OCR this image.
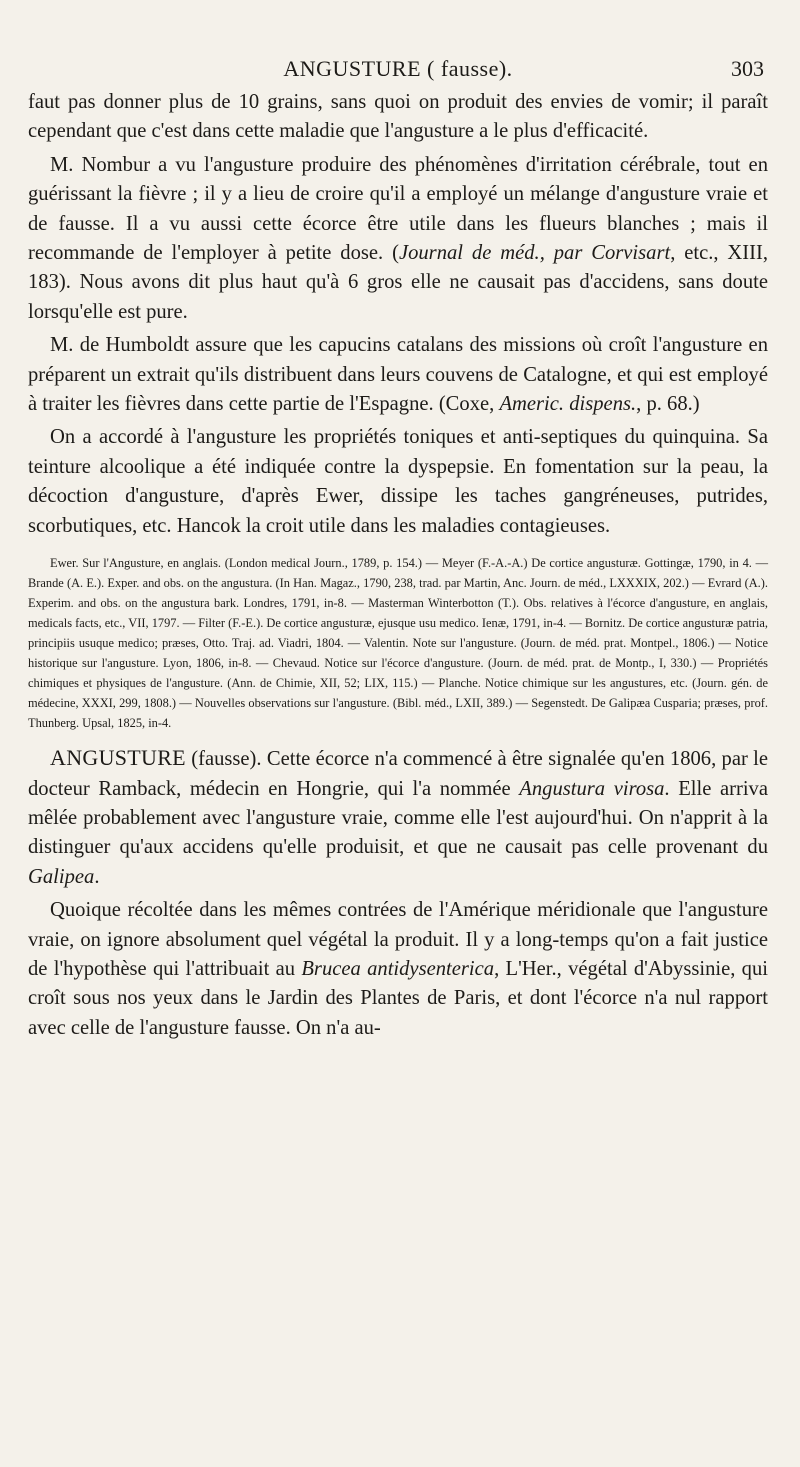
ANGUSTURE ( fausse).	303

faut pas donner plus de 10 grains, sans quoi on produit des envies de vomir; il paraît cependant que c'est dans cette maladie que l'angusture a le plus d'efficacité.

M. Nombur a vu l'angusture produire des phénomènes d'irritation cérébrale, tout en guérissant la fièvre ; il y a lieu de croire qu'il a employé un mélange d'angusture vraie et de fausse. Il a vu aussi cette écorce être utile dans les flueurs blanches ; mais il recommande de l'employer à petite dose. (Journal de méd., par Corvisart, etc., XIII, 183). Nous avons dit plus haut qu'à 6 gros elle ne causait pas d'accidens, sans doute lorsqu'elle est pure.

M. de Humboldt assure que les capucins catalans des missions où croît l'angusture en préparent un extrait qu'ils distribuent dans leurs couvens de Catalogne, et qui est employé à traiter les fièvres dans cette partie de l'Espagne. (Coxe, Americ. dispens., p. 68.)

On a accordé à l'angusture les propriétés toniques et anti-septiques du quinquina. Sa teinture alcoolique a été indiquée contre la dyspepsie. En fomentation sur la peau, la décoction d'angusture, d'après Ewer, dissipe les taches gangréneuses, putrides, scorbutiques, etc. Hancok la croit utile dans les maladies contagieuses.

Ewer. Sur l'Angusture, en anglais. (London medical Journ., 1789, p. 154.) — Meyer (F.-A.-A.) De cortice angusturæ. Gottingæ, 1790, in 4. — Brande (A. E.). Exper. and obs. on the angustura. (In Han. Magaz., 1790, 238, trad. par Martin, Anc. Journ. de méd., LXXXIX, 202.) — Evrard (A.). Experim. and obs. on the angustura bark. Londres, 1791, in-8. — Masterman Winterbotton (T.). Obs. relatives à l'écorce d'angusture, en anglais, medicals facts, etc., VII, 1797. — Filter (F.-E.). De cortice angusturæ, ejusque usu medico. Ienæ, 1791, in-4. — Bornitz. De cortice angusturæ patria, principiis usuque medico; præses, Otto. Traj. ad. Viadri, 1804. — Valentin. Note sur l'angusture. (Journ. de méd. prat. Montpel., 1806.) — Notice historique sur l'angusture. Lyon, 1806, in-8. — Chevaud. Notice sur l'écorce d'angusture. (Journ. de méd. prat. de Montp., I, 330.) — Propriétés chimiques et physiques de l'angusture. (Ann. de Chimie, XII, 52; LIX, 115.) — Planche. Notice chimique sur les angustures, etc. (Journ. gén. de médecine, XXXI, 299, 1808.) — Nouvelles observations sur l'angusture. (Bibl. méd., LXII, 389.) — Segenstedt. De Galipæa Cusparia; præses, prof. Thunberg. Upsal, 1825, in-4.

ANGUSTURE (fausse). Cette écorce n'a commencé à être signalée qu'en 1806, par le docteur Ramback, médecin en Hongrie, qui l'a nommée Angustura virosa. Elle arriva mêlée probablement avec l'angusture vraie, comme elle l'est aujourd'hui. On n'apprit à la distinguer qu'aux accidens qu'elle produisit, et que ne causait pas celle provenant du Galipea.

Quoique récoltée dans les mêmes contrées de l'Amérique méridionale que l'angusture vraie, on ignore absolument quel végétal la produit. Il y a long-temps qu'on a fait justice de l'hypothèse qui l'attribuait au Brucea antidysenterica, L'Her., végétal d'Abyssinie, qui croît sous nos yeux dans le Jardin des Plantes de Paris, et dont l'écorce n'a nul rapport avec celle de l'angusture fausse. On n'a au-
